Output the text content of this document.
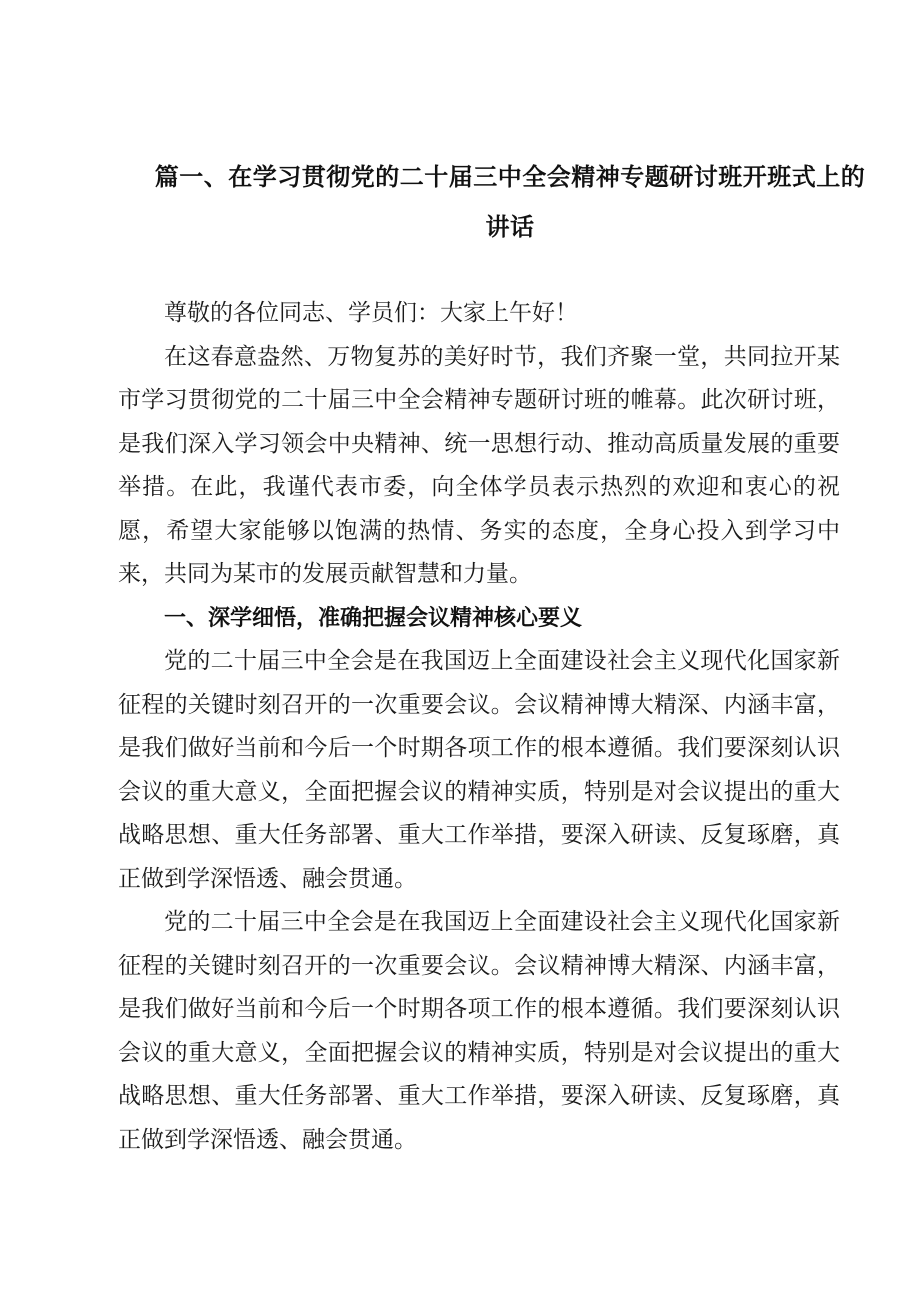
篇一、在学习贯彻党的二十届三中全会精神专题研讨班开班式上的
讲话

尊敬的各位同志、学员们：大家上午好！

在这春意盎然、万物复苏的美好时节，我们齐聚一堂，共同拉开某市学习贯彻党的二十届三中全会精神专题研讨班的帷幕。此次研讨班，是我们深入学习领会中央精神、统一思想行动、推动高质量发展的重要举措。在此，我谨代表市委，向全体学员表示热烈的欢迎和衷心的祝愿，希望大家能够以饱满的热情、务实的态度，全身心投入到学习中来，共同为某市的发展贡献智慧和力量。

一、深学细悟，准确把握会议精神核心要义

党的二十届三中全会是在我国迈上全面建设社会主义现代化国家新征程的关键时刻召开的一次重要会议。会议精神博大精深、内涵丰富，是我们做好当前和今后一个时期各项工作的根本遵循。我们要深刻认识会议的重大意义，全面把握会议的精神实质，特别是对会议提出的重大战略思想、重大任务部署、重大工作举措，要深入研读、反复琢磨，真正做到学深悟透、融会贯通。

党的二十届三中全会是在我国迈上全面建设社会主义现代化国家新征程的关键时刻召开的一次重要会议。会议精神博大精深、内涵丰富，是我们做好当前和今后一个时期各项工作的根本遵循。我们要深刻认识会议的重大意义，全面把握会议的精神实质，特别是对会议提出的重大战略思想、重大任务部署、重大工作举措，要深入研读、反复琢磨，真正做到学深悟透、融会贯通。
